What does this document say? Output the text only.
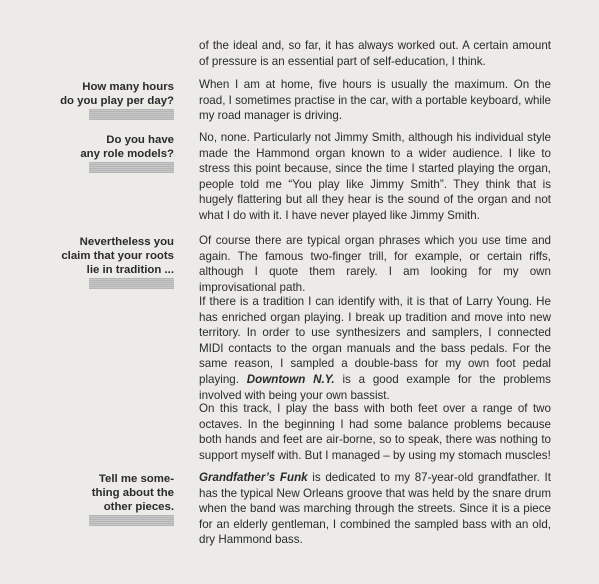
of the ideal and, so far, it has always worked out. A certain amount of pressure is an essential part of self-education, I think.

How many hours
do you play per day?

When I am at home, five hours is usually the maximum. On the road, I sometimes practise in the car, with a portable keyboard, while my road manager is driving.

Do you have
any role models?

No, none. Particularly not Jimmy Smith, although his individual style made the Hammond organ known to a wider audience. I like to stress this point because, since the time I started playing the organ, people told me “You play like Jimmy Smith”. They think that is hugely flattering but all they hear is the sound of the organ and not what I do with it. I have never played like Jimmy Smith.

Nevertheless you
claim that your roots
lie in tradition ...

Of course there are typical organ phrases which you use time and again. The famous two-finger trill, for example, or certain riffs, although I quote them rarely. I am looking for my own improvisational path.

If there is a tradition I can identify with, it is that of Larry Young. He has enriched organ playing. I break up tradition and move into new territory. In order to use synthesizers and samplers, I connected MIDI contacts to the organ manuals and the bass pedals. For the same reason, I sampled a double-bass for my own foot pedal playing. Downtown N.Y. is a good example for the problems involved with being your own bassist.

On this track, I play the bass with both feet over a range of two octaves. In the beginning I had some balance problems because both hands and feet are air-borne, so to speak, there was nothing to support myself with. But I managed – by using my stomach muscles!

Tell me some-
thing about the
other pieces.

Grandfather’s Funk is dedicated to my 87-year-old grandfather. It has the typical New Orleans groove that was held by the snare drum when the band was marching through the streets. Since it is a piece for an elderly gentleman, I combined the sampled bass with an old, dry Hammond bass.
